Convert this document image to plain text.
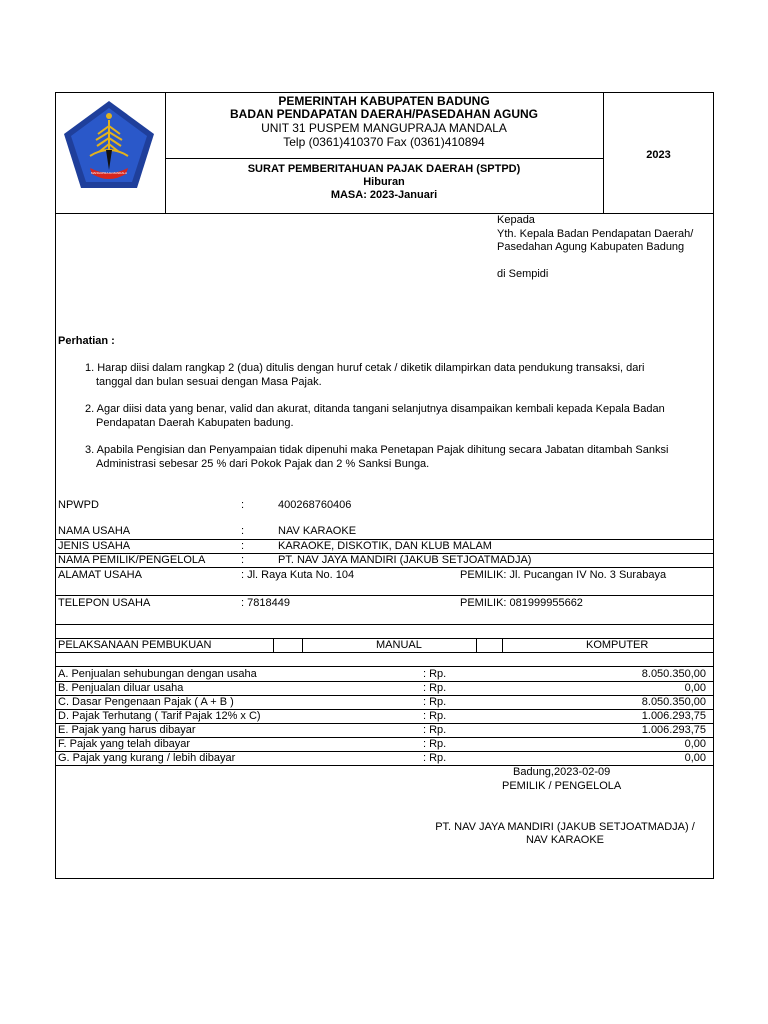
MANGUPRAJA MANDALA
PEMERINTAH KABUPATEN BADUNG
BADAN PENDAPATAN DAERAH/PASEDAHAN AGUNG
UNIT 31 PUSPEM MANGUPRAJA MANDALA
Telp (0361)410370 Fax (0361)410894
SURAT PEMBERITAHUAN PAJAK DAERAH (SPTPD)
Hiburan
MASA: 2023-Januari
2023
Kepada
Yth. Kepala Badan Pendapatan Daerah/
Pasedahan Agung Kabupaten Badung
di Sempidi
Perhatian :
1. Harap diisi dalam rangkap 2 (dua) ditulis dengan huruf cetak / diketik dilampirkan data pendukung transaksi, dari
tanggal dan bulan sesuai dengan Masa Pajak.
2. Agar diisi data yang benar, valid dan akurat, ditanda tangani selanjutnya disampaikan kembali kepada Kepala Badan
Pendapatan Daerah Kabupaten badung.
3. Apabila Pengisian dan Penyampaian tidak dipenuhi maka Penetapan Pajak dihitung secara Jabatan ditambah Sanksi
Administrasi sebesar 25 % dari Pokok Pajak dan 2 % Sanksi Bunga.
NPWPD	:	400268760406
NAMA USAHA	:	NAV KARAOKE
JENIS USAHA	:	KARAOKE, DISKOTIK, DAN KLUB MALAM
NAMA PEMILIK/PENGELOLA	:	PT. NAV JAYA MANDIRI (JAKUB SETJOATMADJA)
ALAMAT USAHA	: Jl. Raya Kuta No. 104	PEMILIK: Jl. Pucangan IV No. 3 Surabaya
TELEPON USAHA	: 7818449	PEMILIK: 081999955662
PELAKSANAAN PEMBUKUAN	MANUAL	KOMPUTER
A. Penjualan sehubungan dengan usaha	: Rp.	8.050.350,00
B. Penjualan diluar usaha	: Rp.	0,00
C. Dasar Pengenaan Pajak ( A + B )	: Rp.	8.050.350,00
D. Pajak Terhutang ( Tarif Pajak 12% x C)	: Rp.	1.006.293,75
E. Pajak yang harus dibayar	: Rp.	1.006.293,75
F. Pajak yang telah dibayar	: Rp.	0,00
G. Pajak yang kurang / lebih dibayar	: Rp.	0,00
Badung,2023-02-09
PEMILIK / PENGELOLA
PT. NAV JAYA MANDIRI (JAKUB SETJOATMADJA) /
NAV KARAOKE
